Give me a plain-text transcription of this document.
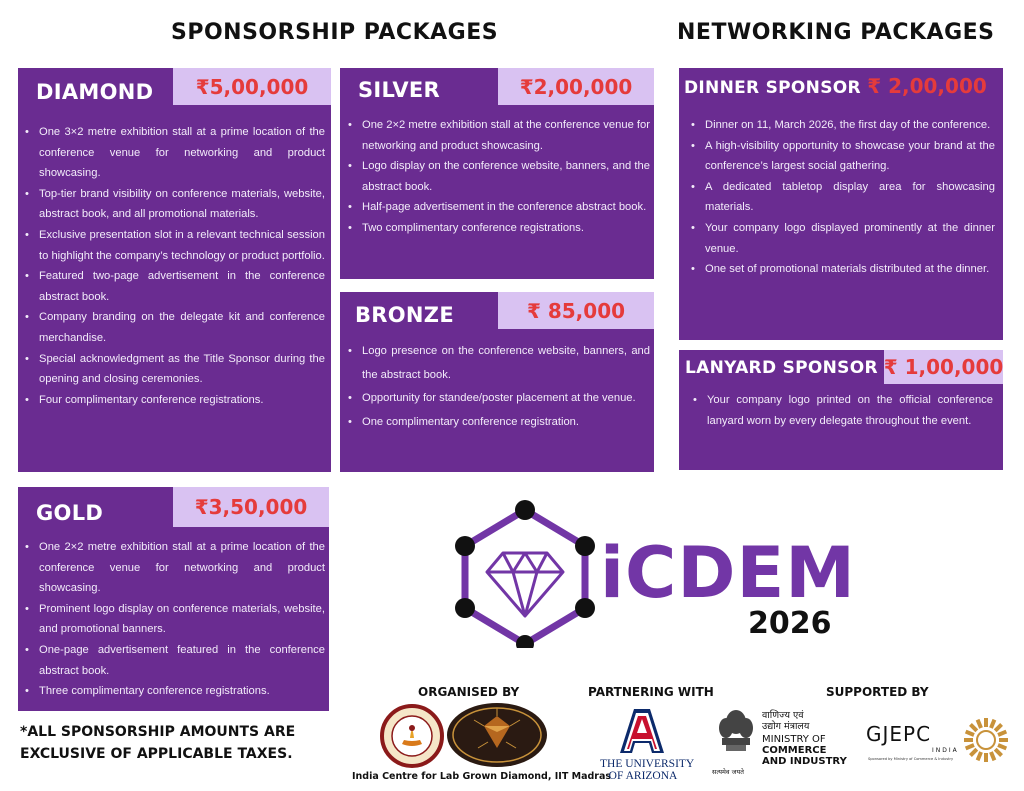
SPONSORSHIP PACKAGES	NETWORKING PACKAGES
DIAMOND	₹5,00,000
• One 3×2 metre exhibition stall at a prime location of the conference venue for networking and product showcasing.
• Top-tier brand visibility on conference materials, website, abstract book, and all promotional materials.
• Exclusive presentation slot in a relevant technical session to highlight the company’s technology or product portfolio.
• Featured two-page advertisement in the conference abstract book.
• Company branding on the delegate kit and conference merchandise.
• Special acknowledgment as the Title Sponsor during the opening and closing ceremonies.
• Four complimentary conference registrations.
SILVER	₹2,00,000
• One 2×2 metre exhibition stall at the conference venue for networking and product showcasing.
• Logo display on the conference website, banners, and the abstract book.
• Half-page advertisement in the conference abstract book.
• Two complimentary conference registrations.
BRONZE	₹ 85,000
• Logo presence on the conference website, banners, and the abstract book.
• Opportunity for standee/poster placement at the venue.
• One complimentary conference registration.
GOLD	₹3,50,000
• One 2×2 metre exhibition stall at a prime location of the conference venue for networking and product showcasing.
• Prominent logo display on conference materials, website, and promotional banners.
• One-page advertisement featured in the conference abstract book.
• Three complimentary conference registrations.
DINNER SPONSOR ₹ 2,00,000
• Dinner on 11, March 2026, the first day of the conference.
• A high-visibility opportunity to showcase your brand at the conference’s largest social gathering.
• A dedicated tabletop display area for showcasing materials.
• Your company logo displayed prominently at the dinner venue.
• One set of promotional materials distributed at the dinner.
LANYARD SPONSOR ₹ 1,00,000
• Your company logo printed on the official conference lanyard worn by every delegate throughout the event.
*ALL SPONSORSHIP AMOUNTS ARE
EXCLUSIVE OF APPLICABLE TAXES.
iCDEM
2026
ORGANISED BY	PARTNERING WITH	SUPPORTED BY
India Centre for Lab Grown Diamond, IIT Madras
THE UNIVERSITY
OF ARIZONA	सत्यमेव जयते
वाणिज्य एवं
उद्योग मंत्रालय
MINISTRY OF
COMMERCE
AND INDUSTRY
GJEPC
INDIA
Sponsored by Ministry of Commerce & Industry
